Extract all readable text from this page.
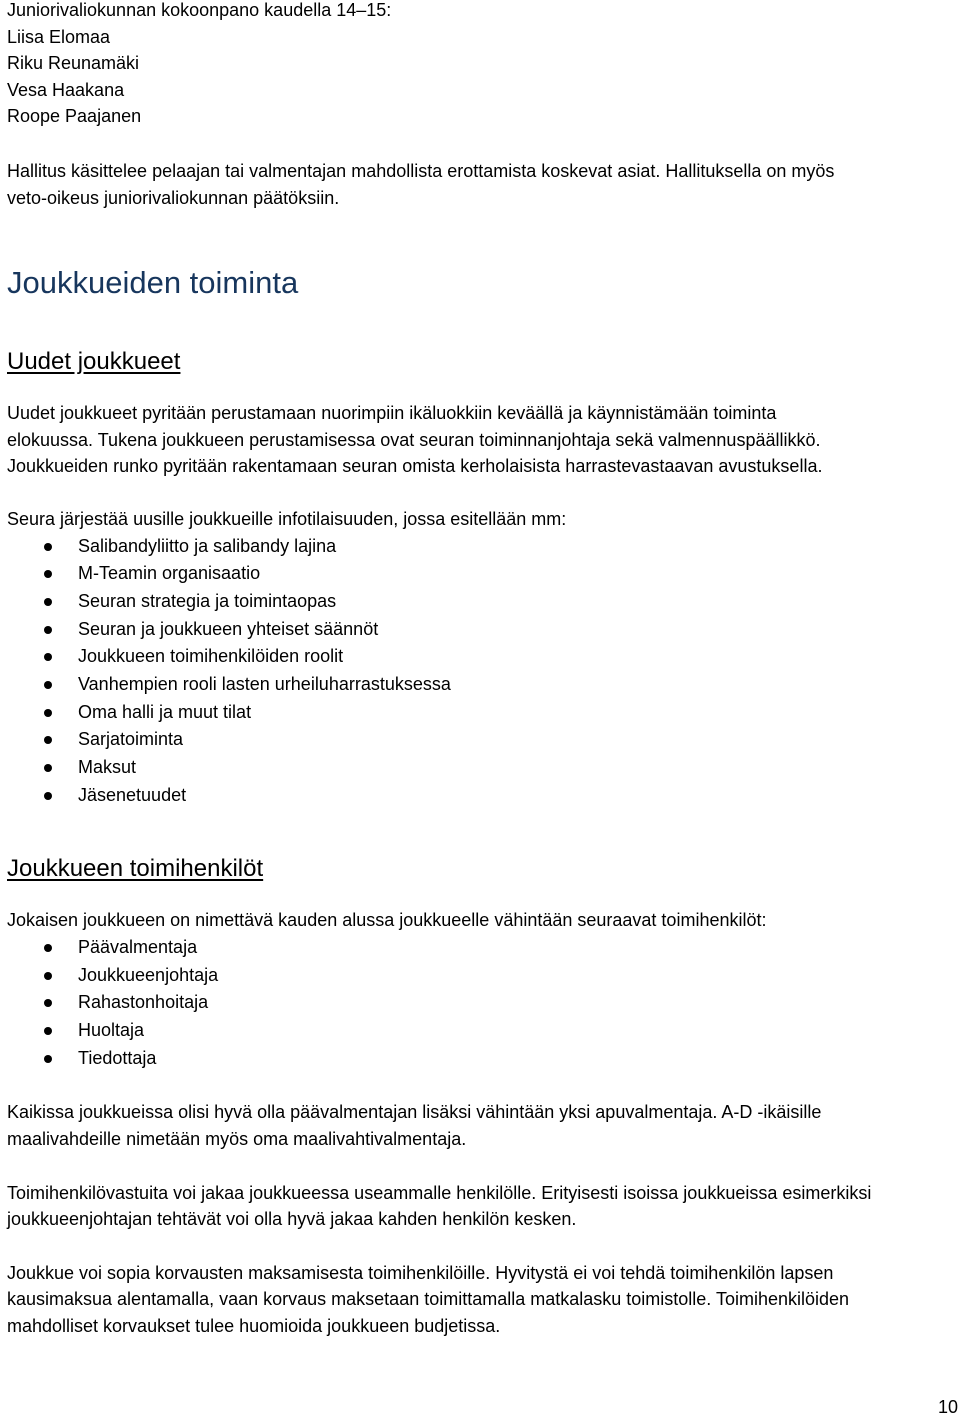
Juniorivaliokunnan kokoonpano kaudella 14–15:

Liisa Elomaa

Riku Reunamäki

Vesa Haakana

Roope Paajanen

Hallitus käsittelee pelaajan tai valmentajan mahdollista erottamista koskevat asiat. Hallituksella on myös

veto-oikeus juniorivaliokunnan päätöksiin.

Joukkueiden toiminta
Uudet joukkueet

Uudet joukkueet pyritään perustamaan nuorimpiin ikäluokkiin keväällä ja käynnistämään toiminta

elokuussa. Tukena joukkueen perustamisessa ovat seuran toiminnanjohtaja sekä valmennuspäällikkö.

Joukkueiden runko pyritään rakentamaan seuran omista kerholaisista harrastevastaavan avustuksella.

Seura järjestää uusille joukkueille infotilaisuuden, jossa esitellään mm:

Salibandyliitto ja salibandy lajina
M-Teamin organisaatio
Seuran strategia ja toimintaopas
Seuran ja joukkueen yhteiset säännöt
Joukkueen toimihenkilöiden roolit
Vanhempien rooli lasten urheiluharrastuksessa
Oma halli ja muut tilat
Sarjatoiminta
Maksut
Jäsenetuudet
Joukkueen toimihenkilöt

Jokaisen joukkueen on nimettävä kauden alussa joukkueelle vähintään seuraavat toimihenkilöt:

Päävalmentaja
Joukkueenjohtaja
Rahastonhoitaja
Huoltaja
Tiedottaja

Kaikissa joukkueissa olisi hyvä olla päävalmentajan lisäksi vähintään yksi apuvalmentaja. A-D -ikäisille

maalivahdeille nimetään myös oma maalivahtivalmentaja.

Toimihenkilövastuita voi jakaa joukkueessa useammalle henkilölle. Erityisesti isoissa joukkueissa esimerkiksi

joukkueenjohtajan tehtävät voi olla hyvä jakaa kahden henkilön kesken.

Joukkue voi sopia korvausten maksamisesta toimihenkilöille. Hyvitystä ei voi tehdä toimihenkilön lapsen

kausimaksua alentamalla, vaan korvaus maksetaan toimittamalla matkalasku toimistolle. Toimihenkilöiden

mahdolliset korvaukset tulee huomioida joukkueen budjetissa.

10
